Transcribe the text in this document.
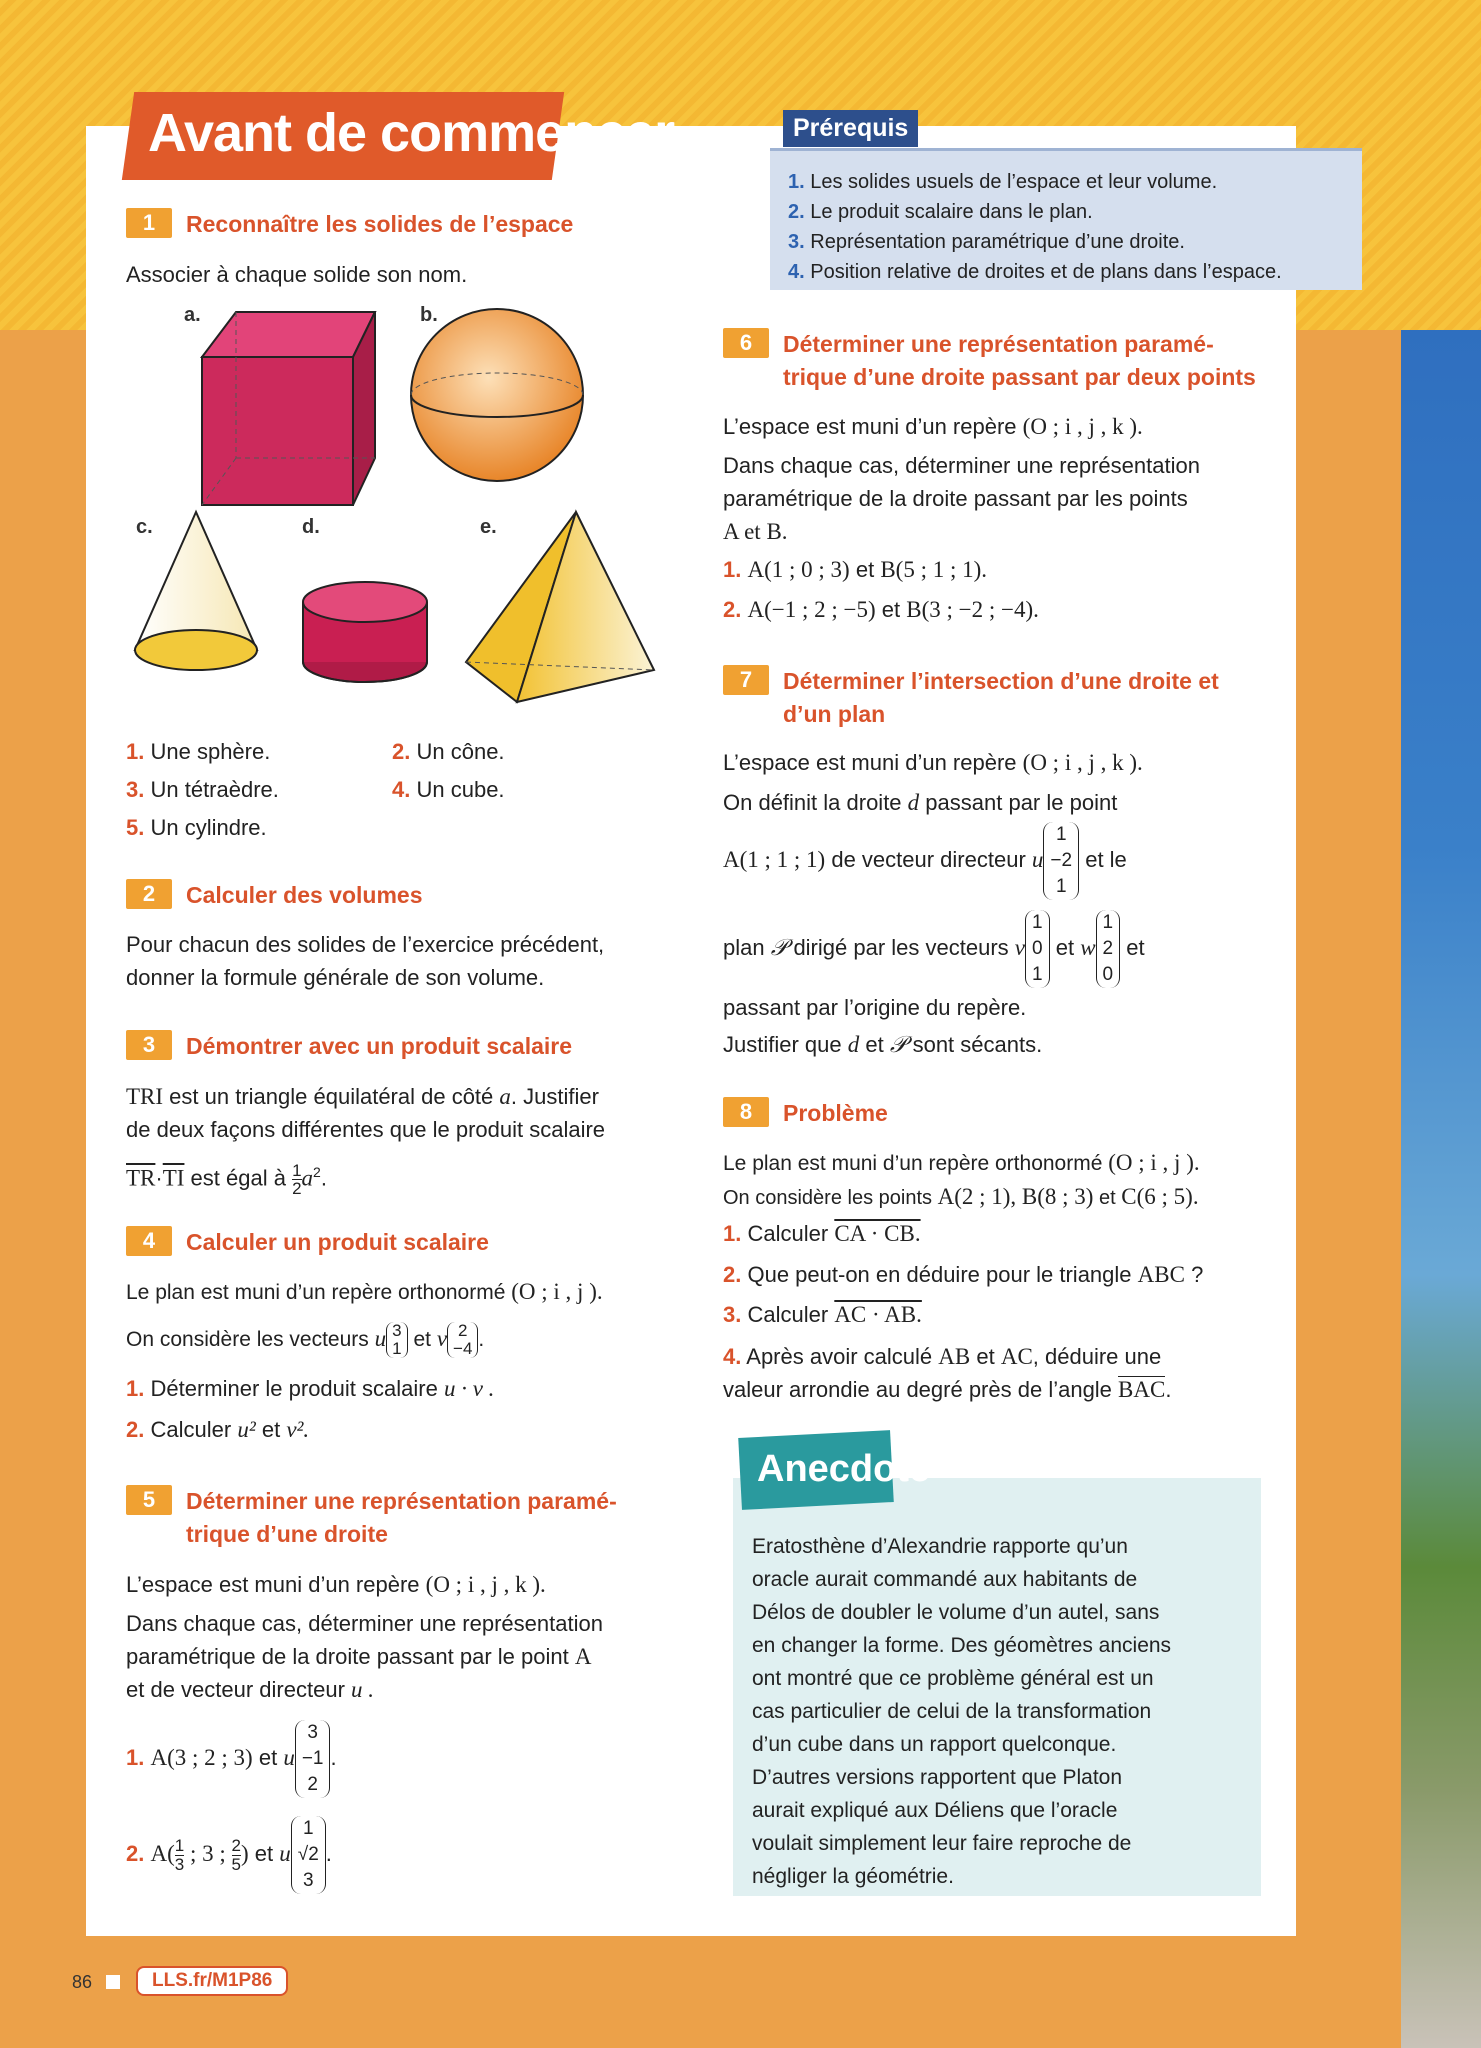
Avant de commencer
1. Les solides usuels de l’espace et leur volume.
2. Le produit scalaire dans le plan.
3. Représentation paramétrique d’une droite.
4. Position relative de droites et de plans dans l’espace.
Prérequis
1	Reconnaître les solides de l’espace
Associer à chaque solide son nom.
a.	b.
c.	d.	e.
1. Une sphère.	2. Un cône.
3. Un tétraèdre.	4. Un cube.
5. Un cylindre.
2	Calculer des volumes
Pour chacun des solides de l’exercice précédent,
donner la formule générale de son volume.
3	Démontrer avec un produit scalaire
TRI est un triangle équilatéral de côté a. Justifier
de deux façons différentes que le produit scalaire
$\overline{TR}\cdot\overline{TI}$ est égal à $\frac{1}{2} a^2$.
4	Calculer un produit scalaire
Le plan est muni d’un repère orthonormé (O ; i , j ).
On considère les vecteurs u 3
1 et v 2
−4 .
1. Déterminer le produit scalaire u · v .
2. Calculer u² et v².
5	Déterminer une représentation paramé-
trique d’une droite
L’espace est muni d’un repère (O ; i , j , k ).
Dans chaque cas, déterminer une représentation
paramétrique de la droite passant par le point A
et de vecteur directeur u .
1. A(3 ; 2 ; 3) et u
3
−1
2
.
2. $A( \frac{1}{3}$ ; 3 ; $\frac{2}{5}$ ) et u
1
√2
3
.
6	Déterminer une représentation paramé-
trique d’une droite passant par deux points
L’espace est muni d’un repère (O ; i , j , k ).
Dans chaque cas, déterminer une représentation
paramétrique de la droite passant par les points
A et B.
1. A(1 ; 0 ; 3) et B(5 ; 1 ; 1).
2. A(−1 ; 2 ; −5) et B(3 ; −2 ; −4).
7	Déterminer l’intersection d’une droite et
d’un plan
L’espace est muni d’un repère (O ; i , j , k ).
On définit la droite d passant par le point
A(1 ; 1 ; 1) de vecteur directeur u
1
−2
1
et le
plan 𝒫 dirigé par les vecteurs v
1
0
1
et w
1
2
0
et
passant par l’origine du repère.
Justifier que d et 𝒫 sont sécants.
8	Problème
Le plan est muni d’un repère orthonormé (O ; i , j ).
On considère les points A(2 ; 1), B(8 ; 3) et C(6 ; 5).
1. Calculer CA · CB.
2. Que peut-on en déduire pour le triangle ABC ?
3. Calculer AC · AB.
4. Après avoir calculé AB et AC, déduire une
valeur arrondie au degré près de l’angle BAC.
Anecdote
Eratosthène d’Alexandrie rapporte qu’un
oracle aurait commandé aux habitants de
Délos de doubler le volume d’un autel, sans
en changer la forme. Des géomètres anciens
ont montré que ce problème général est un
cas particulier de celui de la transformation
d’un cube dans un rapport quelconque.
D’autres versions rapportent que Platon
aurait expliqué aux Déliens que l’oracle
voulait simplement leur faire reproche de
négliger la géométrie.
86	LLS.fr/M1P86
